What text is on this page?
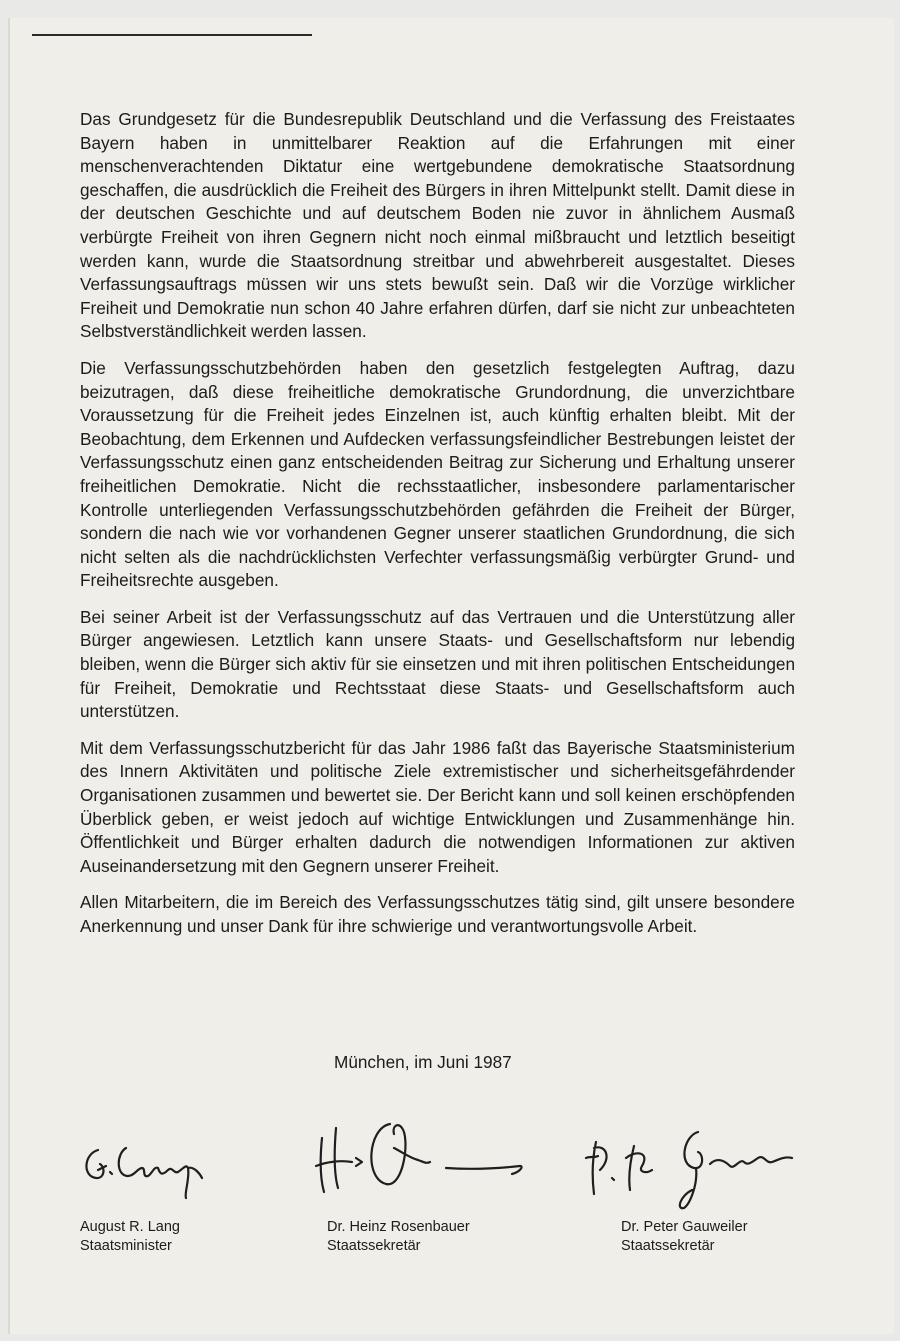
Das Grundgesetz für die Bundesrepublik Deutschland und die Verfassung des Freistaates Bayern haben in unmittelbarer Reaktion auf die Erfahrungen mit einer menschenverachtenden Diktatur eine wertgebundene demokratische Staatsordnung geschaffen, die ausdrücklich die Freiheit des Bürgers in ihren Mittelpunkt stellt. Damit diese in der deutschen Geschichte und auf deutschem Boden nie zuvor in ähnlichem Ausmaß verbürgte Freiheit von ihren Gegnern nicht noch einmal mißbraucht und letztlich beseitigt werden kann, wurde die Staatsordnung streitbar und abwehrbereit ausgestaltet. Dieses Verfassungsauftrags müssen wir uns stets bewußt sein. Daß wir die Vorzüge wirklicher Freiheit und Demokratie nun schon 40 Jahre erfahren dürfen, darf sie nicht zur unbeachteten Selbstverständlichkeit werden lassen.

Die Verfassungsschutzbehörden haben den gesetzlich festgelegten Auftrag, dazu beizutragen, daß diese freiheitliche demokratische Grundordnung, die unverzichtbare Voraussetzung für die Freiheit jedes Einzelnen ist, auch künftig erhalten bleibt. Mit der Beobachtung, dem Erkennen und Aufdecken verfassungsfeindlicher Bestrebungen leistet der Verfassungsschutz einen ganz entscheidenden Beitrag zur Sicherung und Erhaltung unserer freiheitlichen Demokratie. Nicht die rechsstaatlicher, insbesondere parlamentarischer Kontrolle unterliegenden Verfassungsschutzbehörden gefährden die Freiheit der Bürger, sondern die nach wie vor vorhandenen Gegner unserer staatlichen Grundordnung, die sich nicht selten als die nachdrücklichsten Verfechter verfassungsmäßig verbürgter Grund- und Freiheitsrechte ausgeben.

Bei seiner Arbeit ist der Verfassungsschutz auf das Vertrauen und die Unterstützung aller Bürger angewiesen. Letztlich kann unsere Staats- und Gesellschaftsform nur lebendig bleiben, wenn die Bürger sich aktiv für sie einsetzen und mit ihren politischen Entscheidungen für Freiheit, Demokratie und Rechtsstaat diese Staats- und Gesellschaftsform auch unterstützen.

Mit dem Verfassungsschutzbericht für das Jahr 1986 faßt das Bayerische Staatsministerium des Innern Aktivitäten und politische Ziele extremistischer und sicherheitsgefährdender Organisationen zusammen und bewertet sie. Der Bericht kann und soll keinen erschöpfenden Überblick geben, er weist jedoch auf wichtige Entwicklungen und Zusammenhänge hin. Öffentlichkeit und Bürger erhalten dadurch die notwendigen Informationen zur aktiven Auseinandersetzung mit den Gegnern unserer Freiheit.

Allen Mitarbeitern, die im Bereich des Verfassungsschutzes tätig sind, gilt unsere besondere Anerkennung und unser Dank für ihre schwierige und verantwortungsvolle Arbeit.

München, im Juni 1987
August R. Lang
Staatsminister
Dr. Heinz Rosenbauer
Staatssekretär
Dr. Peter Gauweiler
Staatssekretär
